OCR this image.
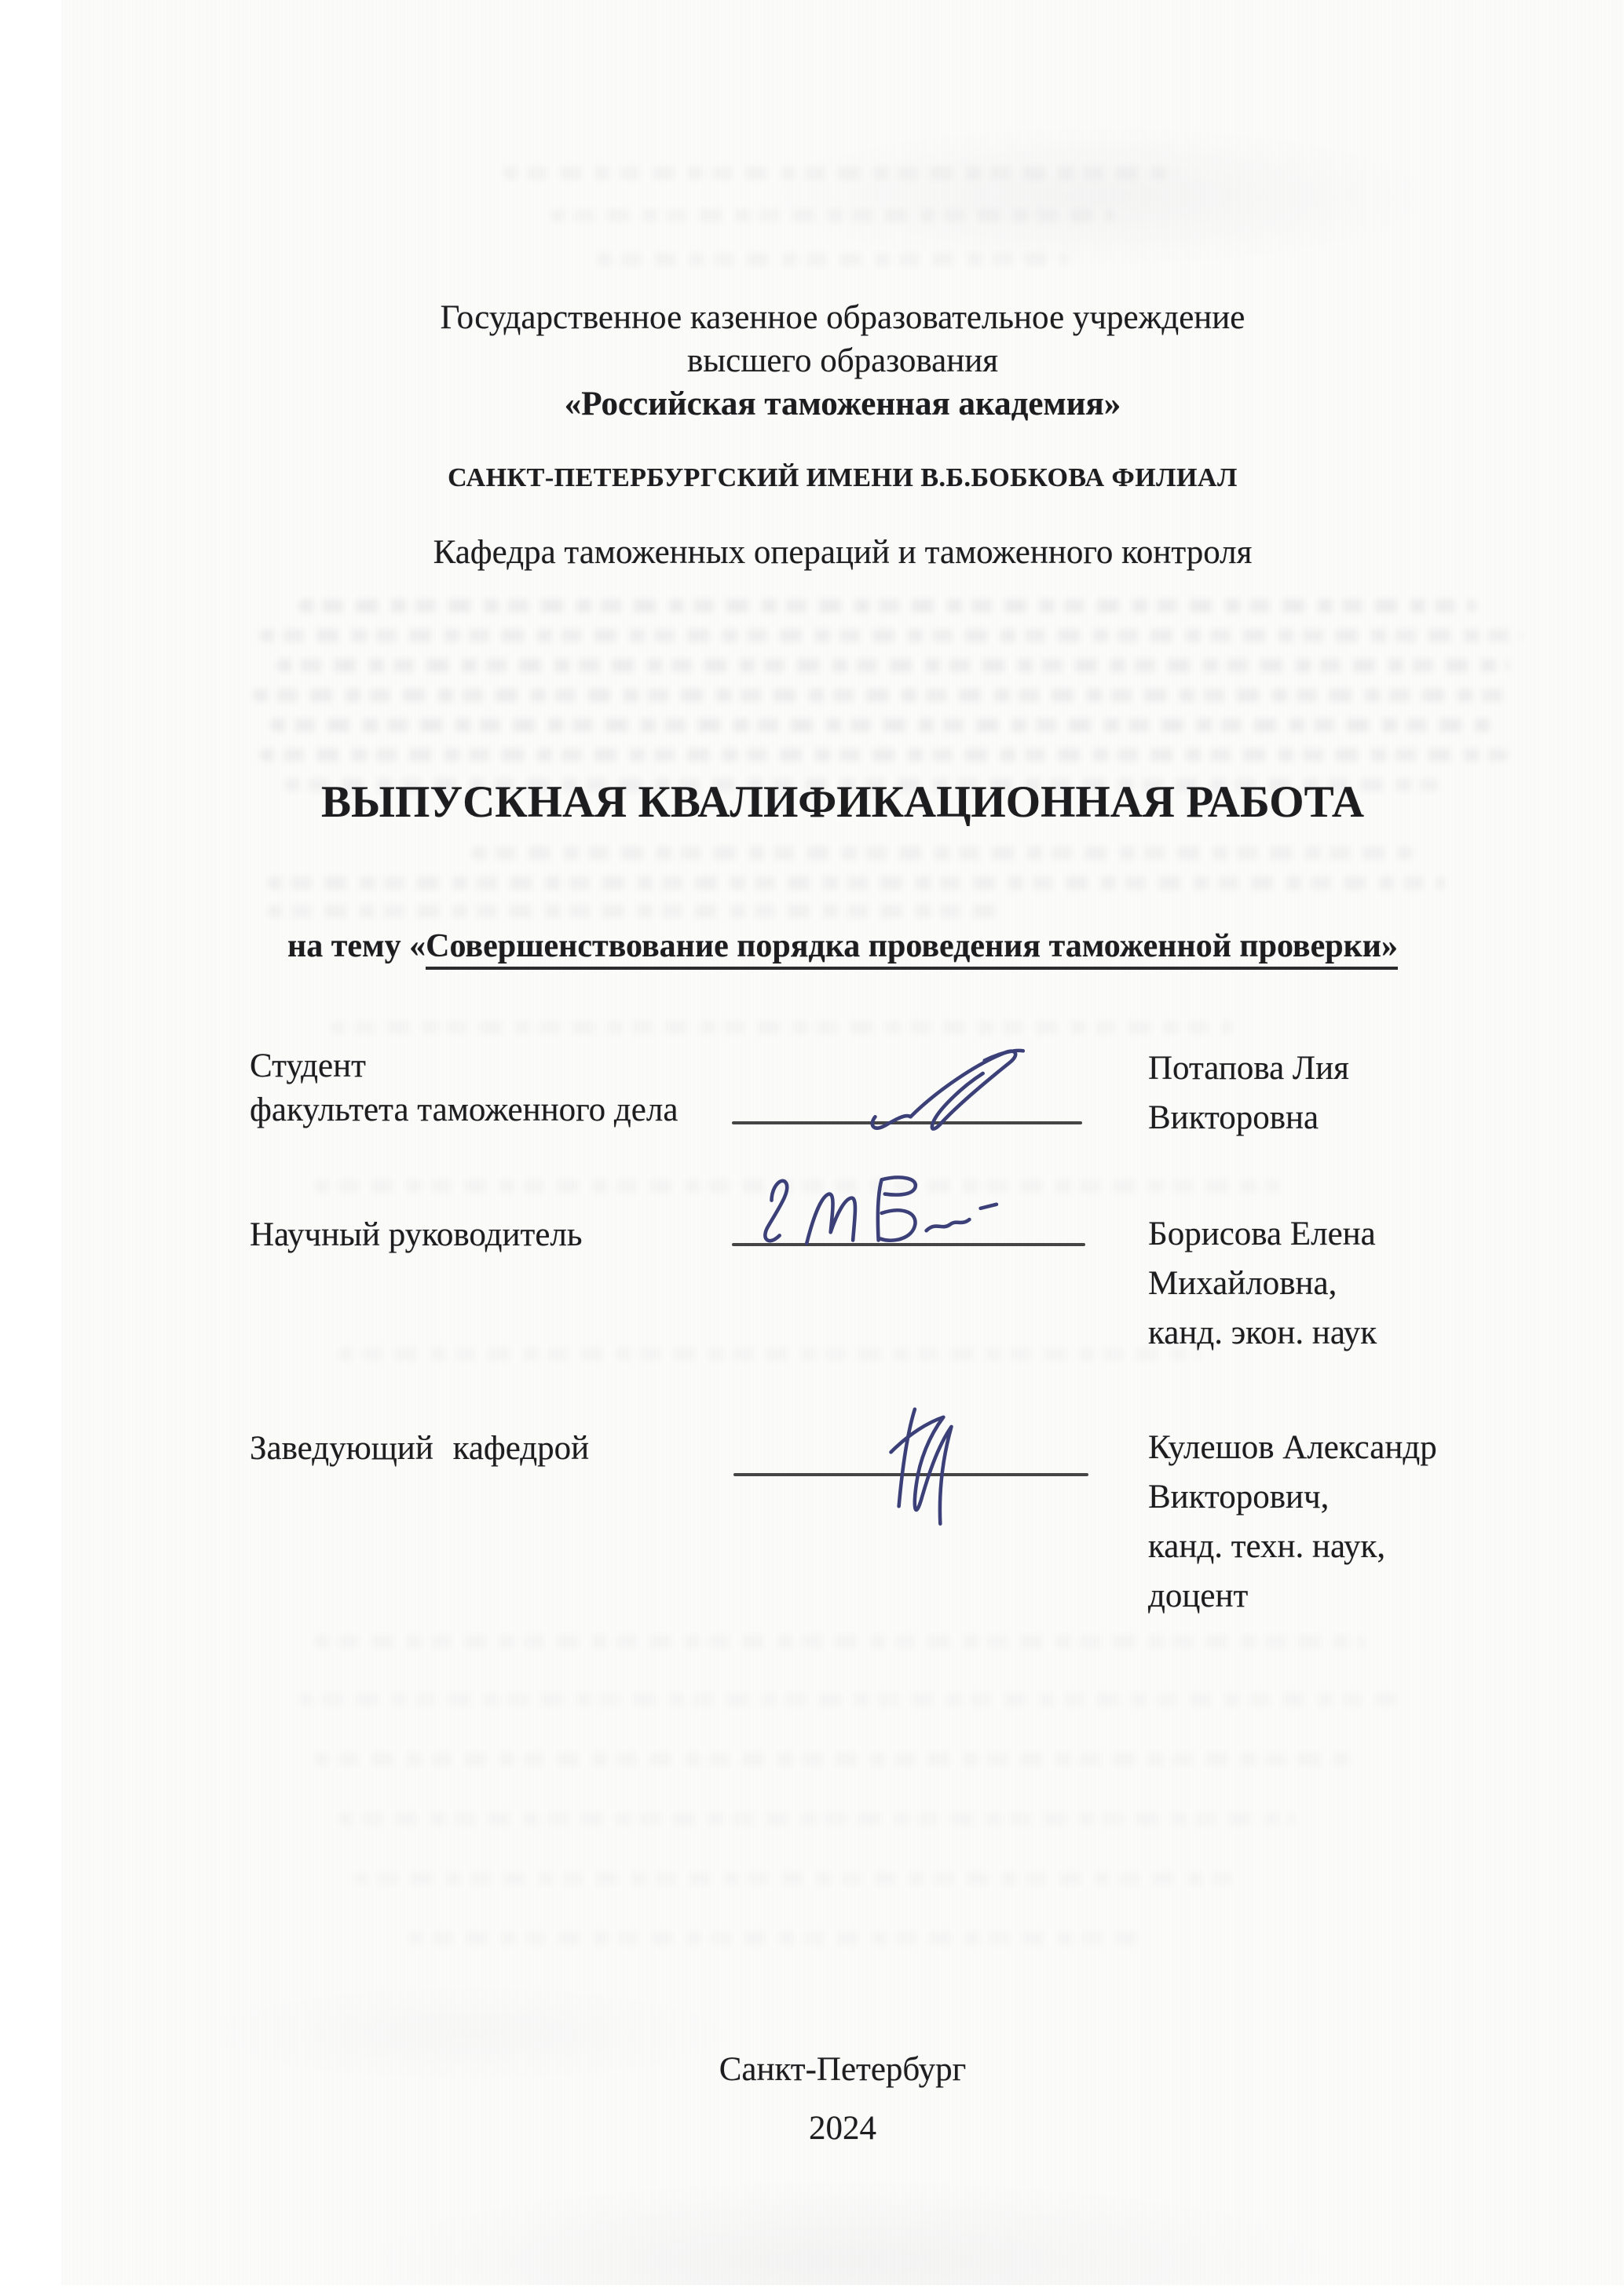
Государственное казенное образовательное учреждение
высшего образования
«Российская таможенная академия»
САНКТ-ПЕТЕРБУРГСКИЙ ИМЕНИ В.Б.БОБКОВА ФИЛИАЛ
Кафедра таможенных операций и таможенного контроля
ВЫПУСКНАЯ КВАЛИФИКАЦИОННАЯ РАБОТА
на тему «Совершенствование порядка проведения таможенной проверки»
Студент
факультета таможенного дела
Потапова Лия
Викторовна
Научный руководитель	Борисова Елена
Михайловна,
канд. экон. наук
Заведующий кафедрой	Кулешов Александр
Викторович,
канд. техн. наук,
доцент
Санкт-Петербург
2024
